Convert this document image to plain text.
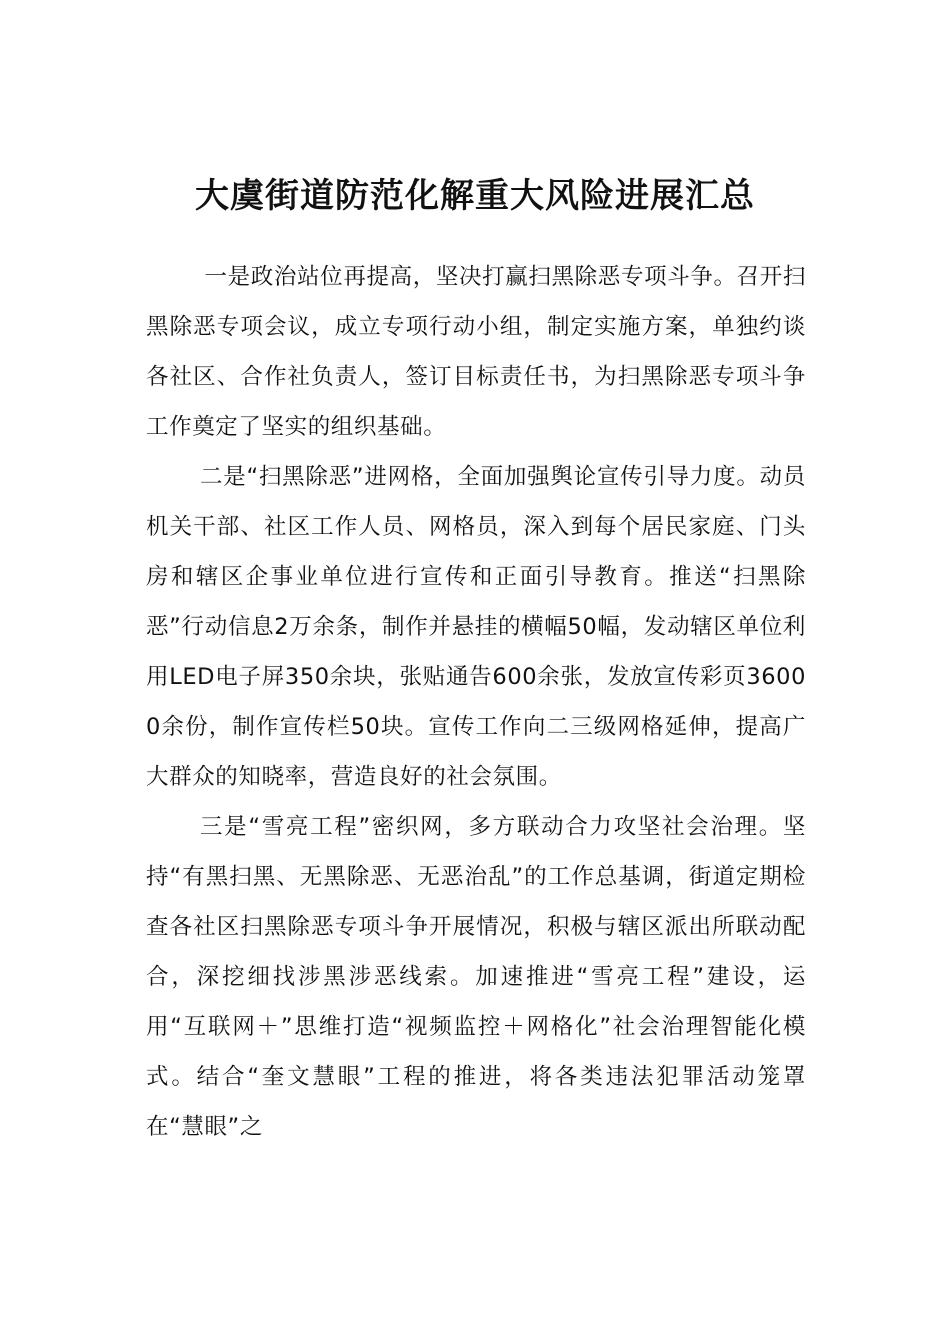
大虞街道防范化解重大风险进展汇总

一是政治站位再提高，坚决打赢扫黑除恶专项斗争。召开扫黑除恶专项会议，成立专项行动小组，制定实施方案，单独约谈各社区、合作社负责人，签订目标责任书，为扫黑除恶专项斗争工作奠定了坚实的组织基础。

二是“扫黑除恶”进网格，全面加强舆论宣传引导力度。动员机关干部、社区工作人员、网格员，深入到每个居民家庭、门头房和辖区企事业单位进行宣传和正面引导教育。推送“扫黑除恶”行动信息2万余条，制作并悬挂的横幅50幅，发动辖区单位利用LED电子屏350余块，张贴通告600余张，发放宣传彩页36000余份，制作宣传栏50块。宣传工作向二三级网格延伸，提高广大群众的知晓率，营造良好的社会氛围。

三是“雪亮工程”密织网，多方联动合力攻坚社会治理。坚持“有黑扫黑、无黑除恶、无恶治乱”的工作总基调，街道定期检查各社区扫黑除恶专项斗争开展情况，积极与辖区派出所联动配合，深挖细找涉黑涉恶线索。加速推进“雪亮工程”建设，运用“互联网＋”思维打造“视频监控＋网格化”社会治理智能化模式。结合“奎文慧眼”工程的推进，将各类违法犯罪活动笼罩在“慧眼”之
